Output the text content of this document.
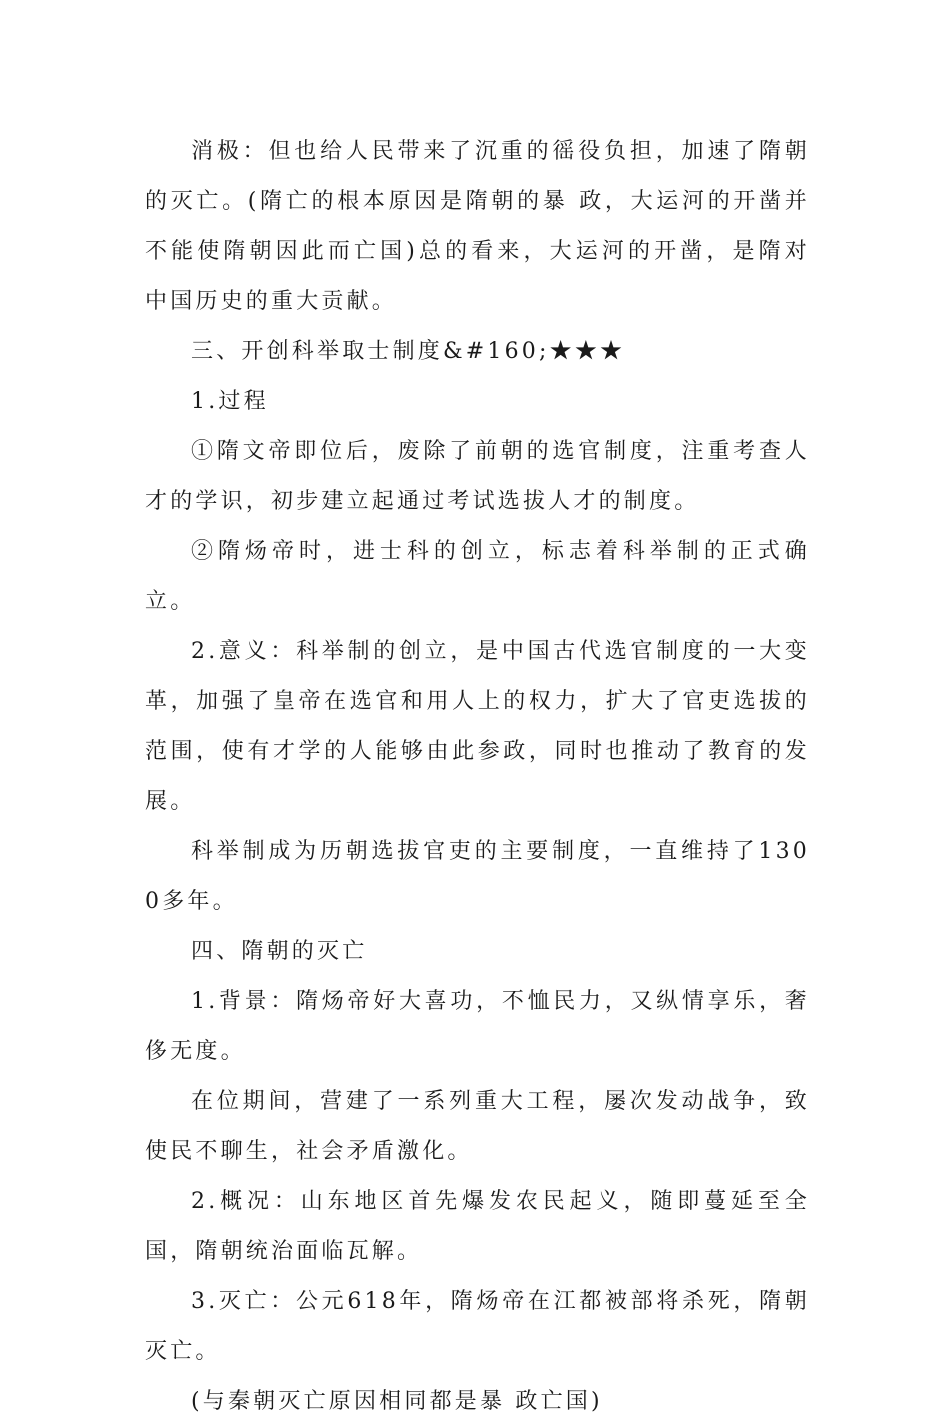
消极：但也给人民带来了沉重的徭役负担，加速了隋朝的灭亡。(隋亡的根本原因是隋朝的暴 政，大运河的开凿并不能使隋朝因此而亡国)总的看来，大运河的开凿，是隋对中国历史的重大贡献。

三、开创科举取士制度&#160;★★★

1.过程

①隋文帝即位后，废除了前朝的选官制度，注重考查人才的学识，初步建立起通过考试选拔人才的制度。

②隋炀帝时，进士科的创立，标志着科举制的正式确立。

2.意义：科举制的创立，是中国古代选官制度的一大变革，加强了皇帝在选官和用人上的权力，扩大了官吏选拔的范围，使有才学的人能够由此参政，同时也推动了教育的发展。

科举制成为历朝选拔官吏的主要制度，一直维持了1300多年。

四、隋朝的灭亡

1.背景：隋炀帝好大喜功，不恤民力，又纵情享乐，奢侈无度。

在位期间，营建了一系列重大工程，屡次发动战争，致使民不聊生，社会矛盾激化。

2.概况：山东地区首先爆发农民起义，随即蔓延至全国，隋朝统治面临瓦解。

3.灭亡：公元618年，隋炀帝在江都被部将杀死，隋朝灭亡。

(与秦朝灭亡原因相同都是暴 政亡国)
